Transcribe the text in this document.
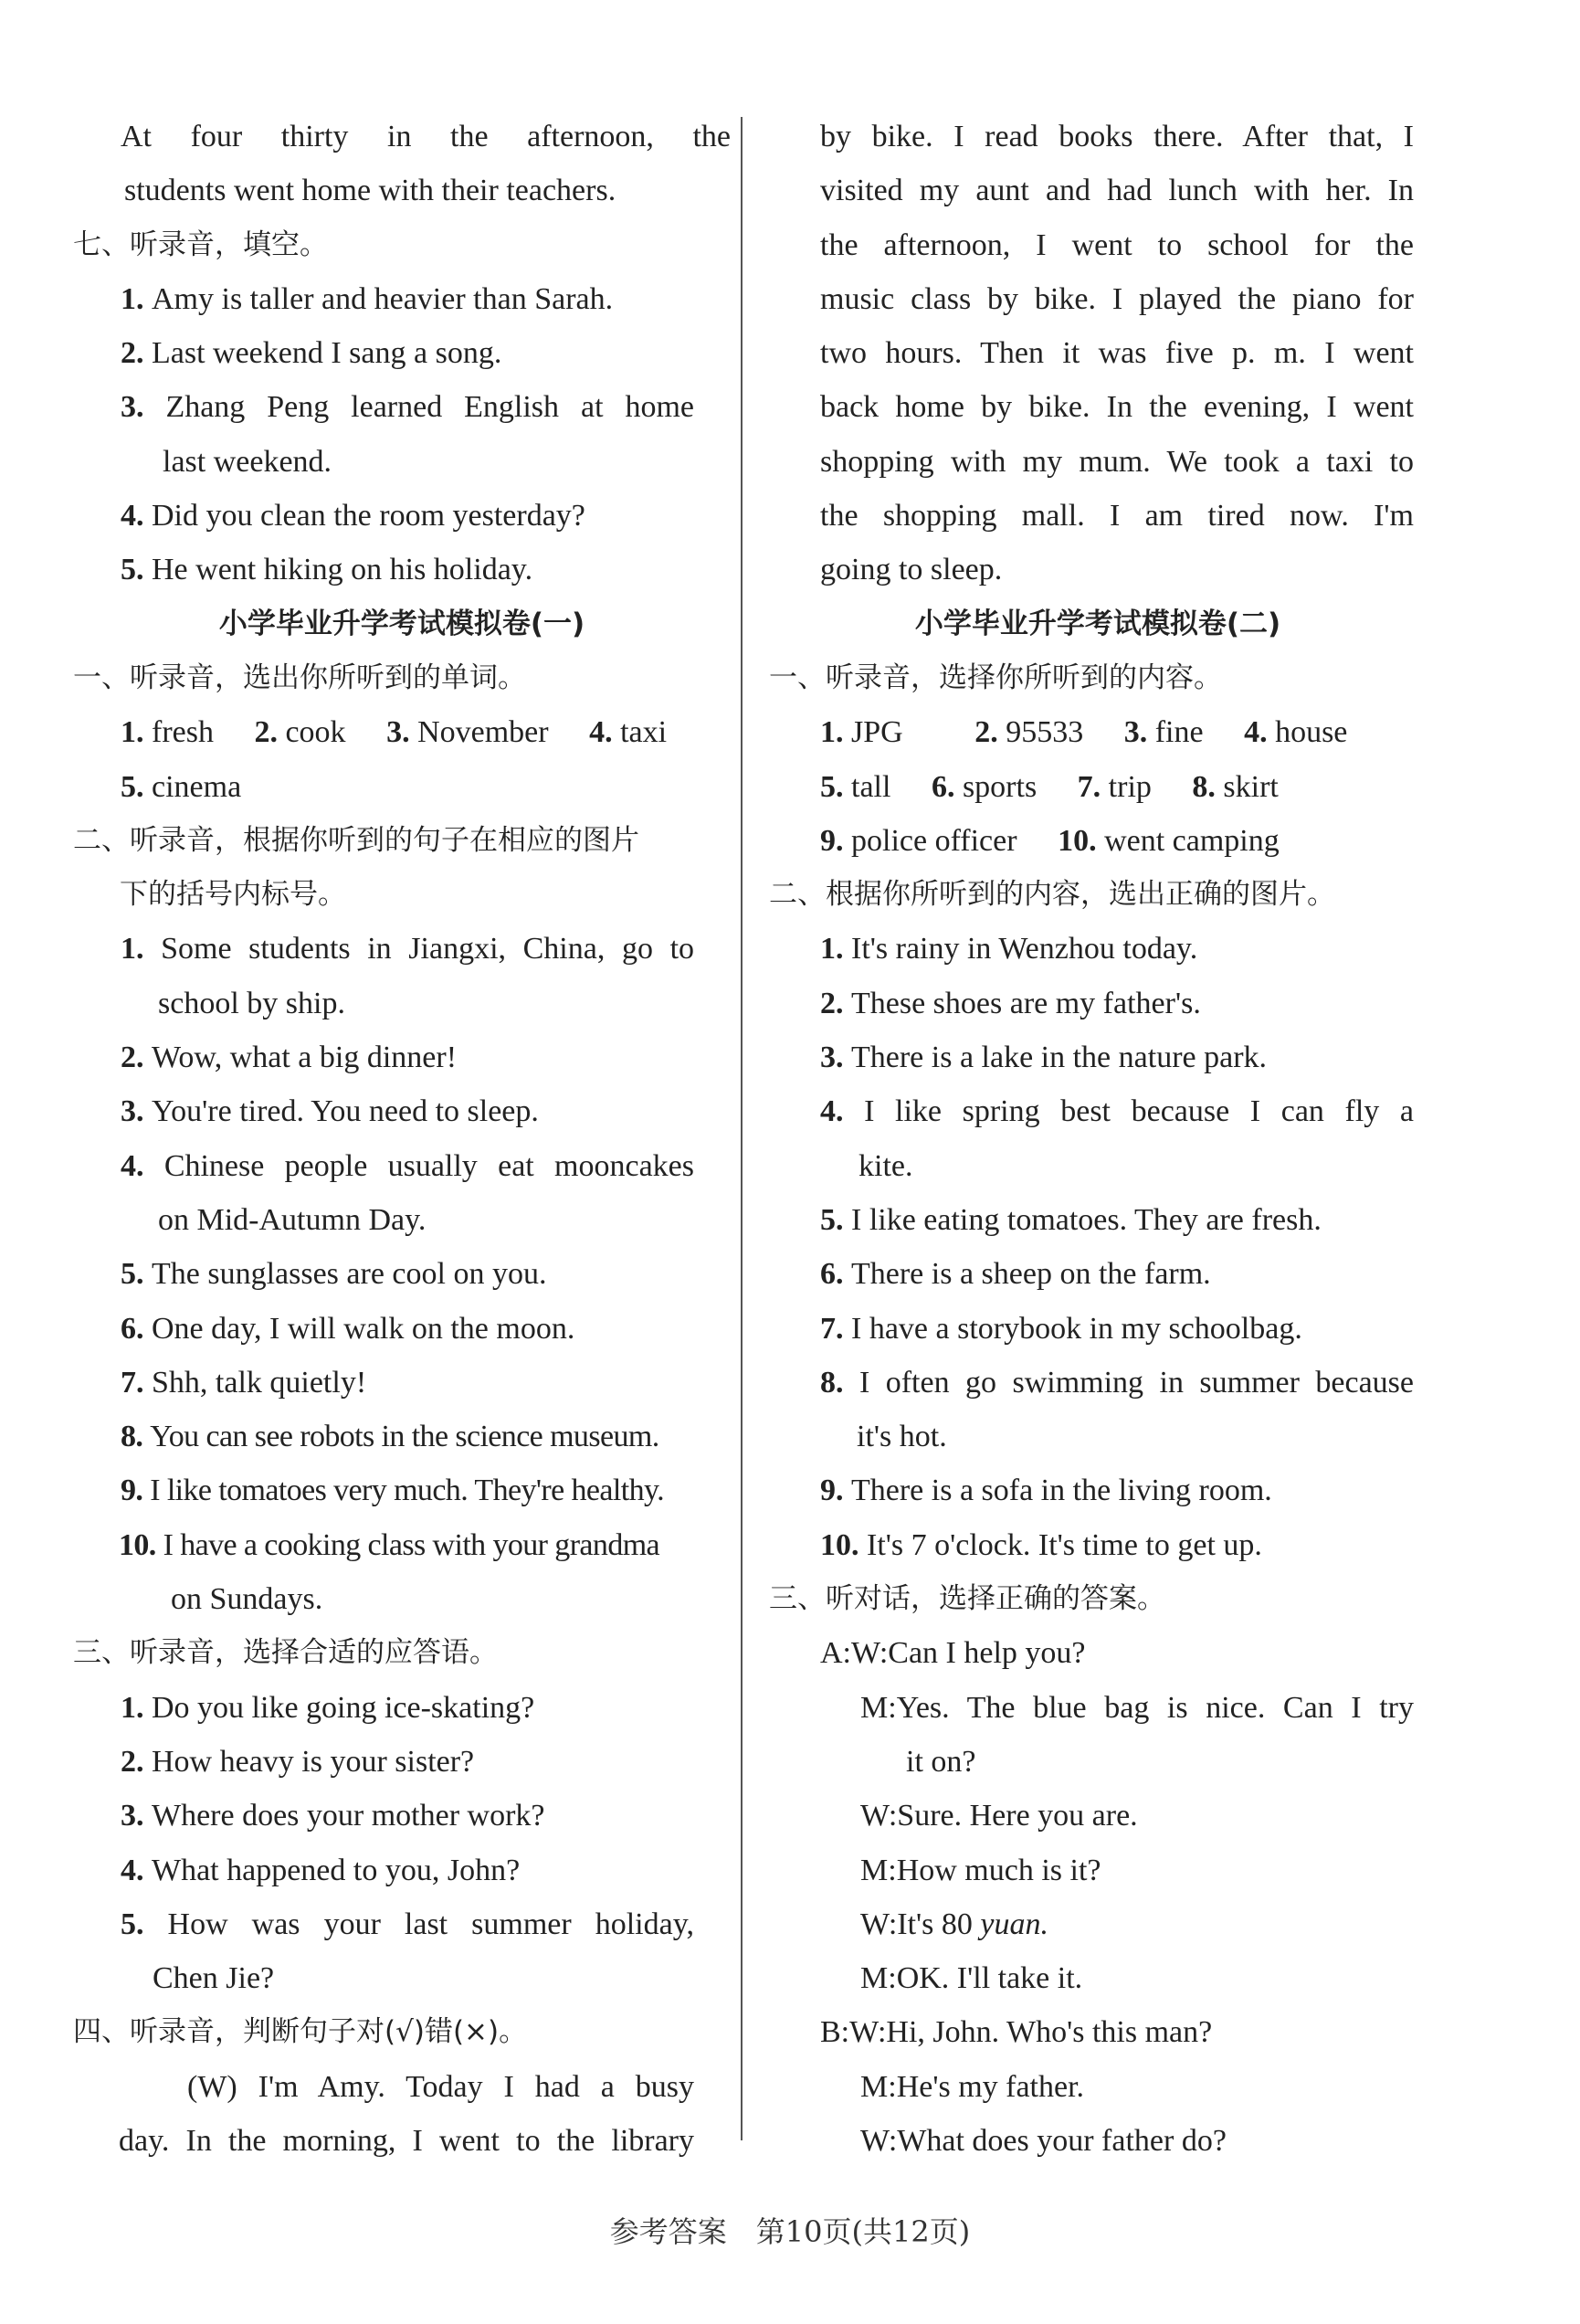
At four thirty in the afternoon, the
students went home with their teachers.
七、听录音，填空。
1. Amy is taller and heavier than Sarah.
2. Last weekend I sang a song.
3. Zhang Peng learned English at home
last weekend.
4. Did you clean the room yesterday?
5. He went hiking on his holiday.
小学毕业升学考试模拟卷(一)
一、听录音，选出你所听到的单词。
1. fresh 2. cook 3. November 4. taxi
5. cinema
二、听录音，根据你听到的句子在相应的图片
下的括号内标号。
1. Some students in Jiangxi, China, go to
school by ship.
2. Wow, what a big dinner!
3. You're tired. You need to sleep.
4. Chinese people usually eat mooncakes
on Mid-Autumn Day.
5. The sunglasses are cool on you.
6. One day, I will walk on the moon.
7. Shh, talk quietly!
8. You can see robots in the science museum.
9. I like tomatoes very much. They're healthy.
10. I have a cooking class with your grandma
on Sundays.
三、听录音，选择合适的应答语。
1. Do you like going ice-skating?
2. How heavy is your sister?
3. Where does your mother work?
4. What happened to you, John?
5. How was your last summer holiday,
Chen Jie?
四、听录音，判断句子对(√)错(×)。
(W) I'm Amy. Today I had a busy
day. In the morning, I went to the library
by bike. I read books there. After that, I
visited my aunt and had lunch with her. In
the afternoon, I went to school for the
music class by bike. I played the piano for
two hours. Then it was five p. m. I went
back home by bike. In the evening, I went
shopping with my mum. We took a taxi to
the shopping mall. I am tired now. I'm
going to sleep.
小学毕业升学考试模拟卷(二)
一、听录音，选择你所听到的内容。
1. JPG 2. 95533 3. fine 4. house
5. tall 6. sports 7. trip 8. skirt
9. police officer 10. went camping
二、根据你所听到的内容，选出正确的图片。
1. It's rainy in Wenzhou today.
2. These shoes are my father's.
3. There is a lake in the nature park.
4. I like spring best because I can fly a
kite.
5. I like eating tomatoes. They are fresh.
6. There is a sheep on the farm.
7. I have a storybook in my schoolbag.
8. I often go swimming in summer because
it's hot.
9. There is a sofa in the living room.
10. It's 7 o'clock. It's time to get up.
三、听对话，选择正确的答案。
A:W:Can I help you?
M:Yes. The blue bag is nice. Can I try
it on?
W:Sure. Here you are.
M:How much is it?
W:It's 80 yuan.
M:OK. I'll take it.
B:W:Hi, John. Who's this man?
M:He's my father.
W:What does your father do?
参考答案　第10页(共12页)
